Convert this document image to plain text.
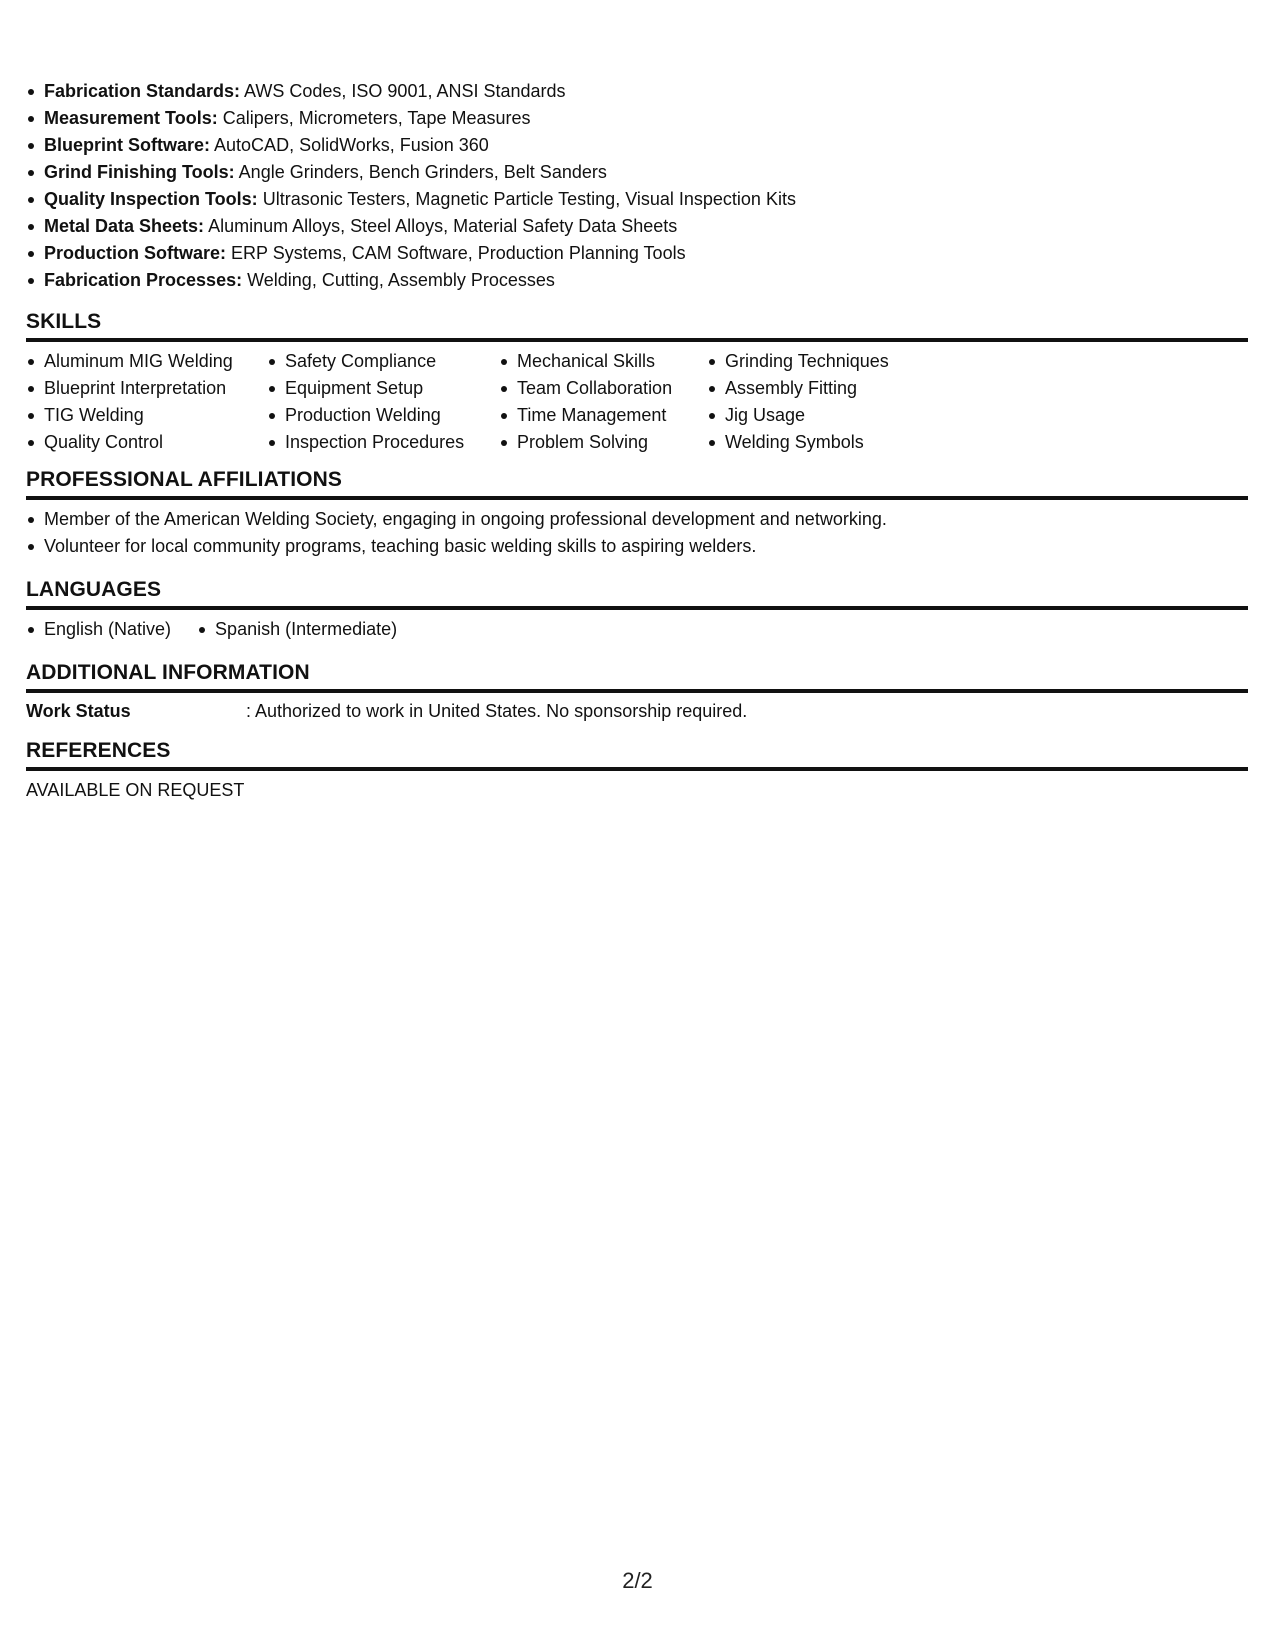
Fabrication Standards: AWS Codes, ISO 9001, ANSI Standards
Measurement Tools: Calipers, Micrometers, Tape Measures
Blueprint Software: AutoCAD, SolidWorks, Fusion 360
Grind Finishing Tools: Angle Grinders, Bench Grinders, Belt Sanders
Quality Inspection Tools: Ultrasonic Testers, Magnetic Particle Testing, Visual Inspection Kits
Metal Data Sheets: Aluminum Alloys, Steel Alloys, Material Safety Data Sheets
Production Software: ERP Systems, CAM Software, Production Planning Tools
Fabrication Processes: Welding, Cutting, Assembly Processes
SKILLS
Aluminum MIG Welding
Blueprint Interpretation
TIG Welding
Quality Control
Safety Compliance
Equipment Setup
Production Welding
Inspection Procedures
Mechanical Skills
Team Collaboration
Time Management
Problem Solving
Grinding Techniques
Assembly Fitting
Jig Usage
Welding Symbols
PROFESSIONAL AFFILIATIONS
Member of the American Welding Society, engaging in ongoing professional development and networking.
Volunteer for local community programs, teaching basic welding skills to aspiring welders.
LANGUAGES
English (Native)	Spanish (Intermediate)
ADDITIONAL INFORMATION
Work Status	: Authorized to work in United States. No sponsorship required.
REFERENCES
AVAILABLE ON REQUEST
2/2
